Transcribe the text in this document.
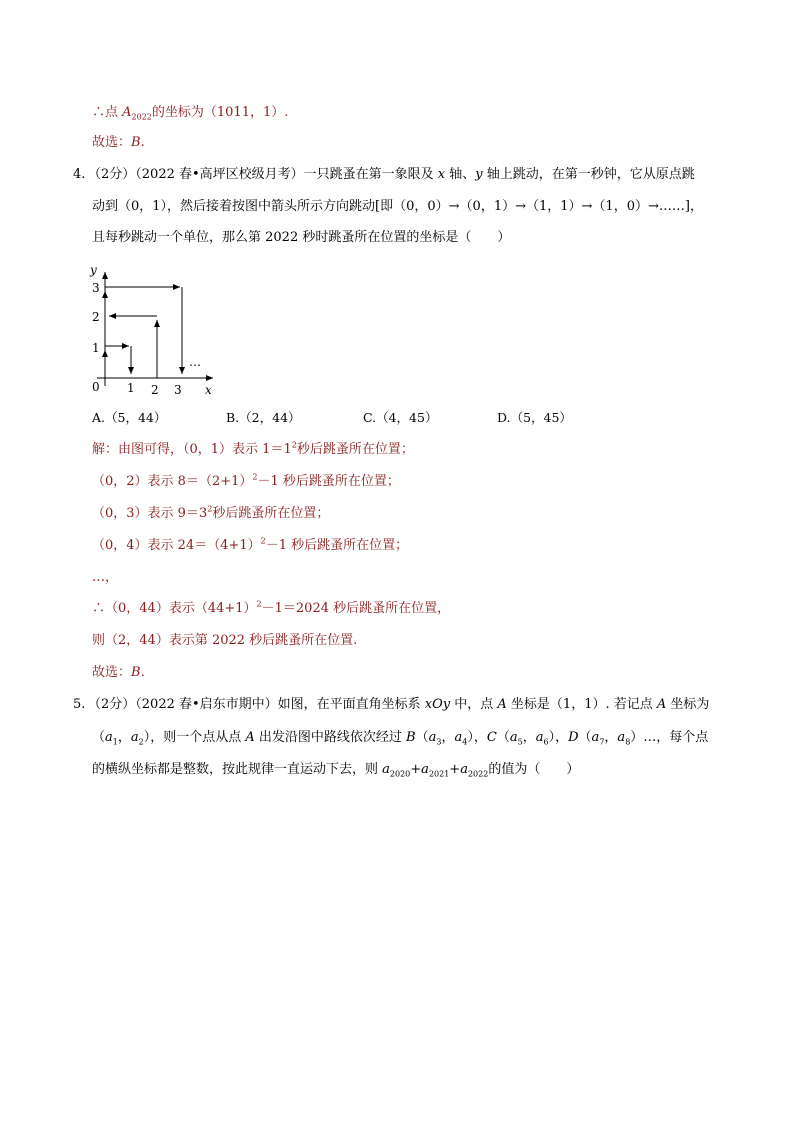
∴点 $A_{2022}$的坐标为（1011，1）.
故选：B.
4. （2分）（2022 春•高坪区校级月考）一只跳蚤在第一象限及 x 轴、y 轴上跳动，在第一秒钟，它从原点跳
动到（0，1），然后接着按图中箭头所示方向跳动[即（0，0）→（0，1）→（1，1）→（1，0）→……]，
且每秒跳动一个单位，那么第 2022 秒时跳蚤所在位置的坐标是（　　）
y
x
0 1 2 3
1
2
3
…
A.（5，44）	B.（2，44）	C.（4，45）	D.（5，45）
解：由图可得，（0，1）表示 $1=1^2$秒后跳蚤所在位置；
（0，2）表示 $8=(2+1)^2-1$ 秒后跳蚤所在位置；
（0，3）表示 $9=3^2$秒后跳蚤所在位置；
（0，4）表示 $24=(4+1)^2-1$ 秒后跳蚤所在位置；
…，
∴（0，44）表示$(44+1)^2-1=2024$ 秒后跳蚤所在位置，
则（2，44）表示第 2022 秒后跳蚤所在位置.
故选：B.
5. （2分）（2022 春•启东市期中）如图，在平面直角坐标系 xOy 中，点 A 坐标是（1，1）. 若记点 A 坐标为
（$a_1$，$a_2$），则一个点从点 A 出发沿图中路线依次经过 $B(a_3$，$a_4$），$C(a_5$，$a_6$），$D(a_7$，$a_8)\dots$，每个点
的横纵坐标都是整数，按此规律一直运动下去，则 $a_{2020}+a_{2021}+a_{2022}$的值为（　　）
